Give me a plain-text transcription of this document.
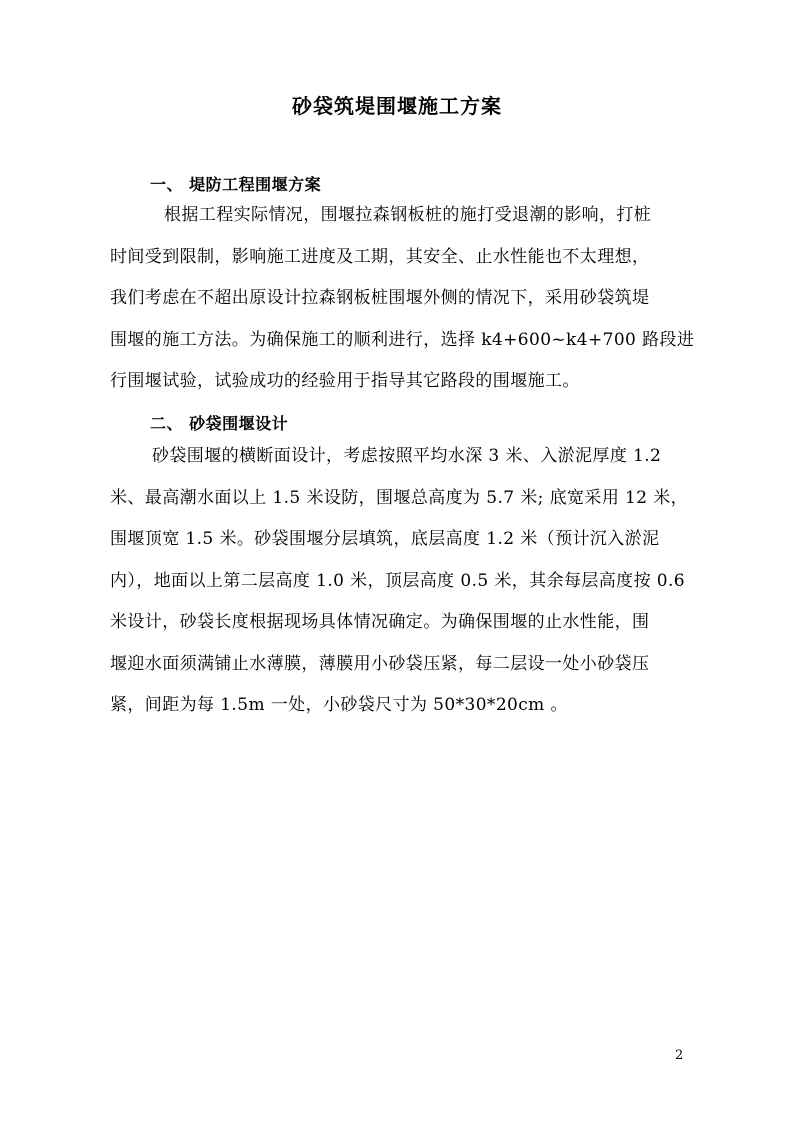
砂袋筑堤围堰施工方案
一、 堤防工程围堰方案
根据工程实际情况，围堰拉森钢板桩的施打受退潮的影响，打桩
时间受到限制，影响施工进度及工期，其安全、止水性能也不太理想，
我们考虑在不超出原设计拉森钢板桩围堰外侧的情况下，采用砂袋筑堤
围堰的施工方法。为确保施工的顺利进行，选择 k4+600~k4+700 路段进
行围堰试验，试验成功的经验用于指导其它路段的围堰施工。
二、 砂袋围堰设计
砂袋围堰的横断面设计，考虑按照平均水深 3 米、入淤泥厚度 1.2
米、最高潮水面以上 1.5 米设防，围堰总高度为 5.7 米; 底宽采用 12 米，
围堰顶宽 1.5 米。砂袋围堰分层填筑，底层高度 1.2 米（预计沉入淤泥
内），地面以上第二层高度 1.0 米，顶层高度 0.5 米，其余每层高度按 0.6
米设计，砂袋长度根据现场具体情况确定。为确保围堰的止水性能，围
堰迎水面须满铺止水薄膜，薄膜用小砂袋压紧，每二层设一处小砂袋压
紧，间距为每 1.5m 一处，小砂袋尺寸为 50*30*20cm 。
2
